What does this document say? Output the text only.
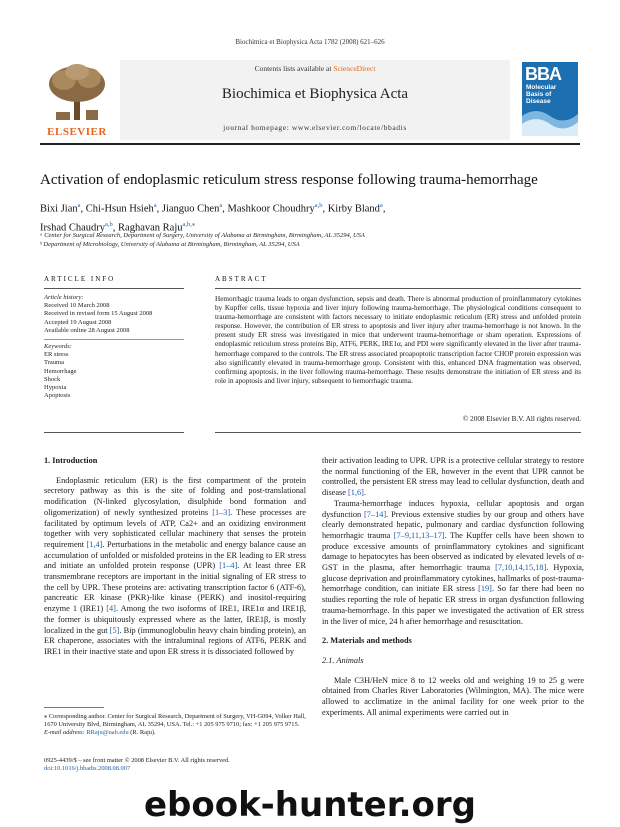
Biochimica et Biophysica Acta 1782 (2008) 621–626
ELSEVIER
Contents lists available at ScienceDirect
Biochimica et Biophysica Acta
journal homepage: www.elsevier.com/locate/bbadis
BBA
Molecular
Basis of
Disease
Activation of endoplasmic reticulum stress response following trauma-hemorrhage
Bixi Jian$^a$, Chi-Hsun Hsieh$^a$, Jianguo Chen$^a$, Mashkoor Choudhry$^{a,b}$, Kirby Bland$^a$,
Irshad Chaudry$^{a,b}$, Raghavan Raju$^{a,b,⁎}$
ᵃ Center for Surgical Research, Department of Surgery, University of Alabama at Birmingham, Birmingham, AL 35294, USA
ᵇ Department of Microbiology, University of Alabama at Birmingham, Birmingham, AL 35294, USA
ARTICLE INFO	ABSTRACT
Article history:
Received 10 March 2008
Received in revised form 15 August 2008
Accepted 19 August 2008
Available online 28 August 2008
Keywords:
ER stress
Trauma
Hemorrhage
Shock
Hypoxia
Apoptosis
Hemorrhagic trauma leads to organ dysfunction, sepsis and death. There is abnormal production of proinflammatory cytokines by Kupffer cells, tissue hypoxia and liver injury following trauma-hemorrhage. The physiological conditions consequent to trauma-hemorrhage are consistent with factors necessary to initiate endoplasmic reticulum (ER) stress and unfolded protein response. However, the contribution of ER stress to apoptosis and liver injury after trauma-hemorrhage is not known. In the present study ER stress was investigated in mice that underwent trauma-hemorrhage or sham operation. Expressions of endoplasmic reticulum stress proteins Bip, ATF6, PERK, IRE1α, and PDI were significantly elevated in the liver after trauma-hemorrhage compared to the controls. The ER stress associated proapoptotic transcription factor CHOP protein expression was also significantly elevated in trauma-hemorrhage group. Consistent with this, enhanced DNA fragmentation was observed, confirming apoptosis, in the liver following trauma-hemorrhage. These results demonstrate the initiation of ER stress and its role in apoptosis and liver injury, subsequent to hemorrhagic trauma.
© 2008 Elsevier B.V. All rights reserved.
1. Introduction

Endoplasmic reticulum (ER) is the first compartment of the protein secretory pathway as this is the site of folding and post-translational modification (N-linked glycosylation, disulphide bond formation and oligomerization) of newly synthesized proteins [1–3]. These processes are facilitated by optimum levels of ATP, Ca2+ and an oxidizing environment together with very sophisticated cellular machinery that senses the protein requirement [1,4]. Perturbations in the metabolic and energy balance cause an accumulation of unfolded or misfolded proteins in the ER leading to ER stress and initiate an unfolded protein response (UPR) [1–4]. At least three ER transmembrane receptors are important in the initial signaling of ER stress to the cell by UPR. These proteins are: activating transcription factor 6 (ATF-6), pancreatic ER kinase (PKR)-like kinase (PERK) and inositol-requiring enzyme 1 (IRE1) [4]. Among the two isoforms of IRE1, IRE1α and IRE1β, the former is ubiquitously expressed where as the latter, IRE1β, is mostly localized in the gut [5]. Bip (immunoglobulin heavy chain binding protein), an ER chaperone, associates with the intraluminal regions of ATF6, PERK and IRE1 in their inactive state and upon ER stress it is dissociated followed by

their activation leading to UPR. UPR is a protective cellular strategy to restore the normal functioning of the ER, however in the event that UPR cannot be controlled, the persistent ER stress may lead to cellular dysfunction, death and disease [1,6].

Trauma-hemorrhage induces hypoxia, cellular apoptosis and organ dysfunction [7–14]. Previous extensive studies by our group and others have clearly demonstrated hepatic, pulmonary and cardiac dysfunction following hemorrhagic trauma [7–9,11,13–17]. The Kupffer cells have been shown to produce excessive amounts of proinflammatory cytokines and significant damage to hepatocytes has been observed as indicated by elevated levels of α-GST in the plasma, after hemorrhagic trauma [7,10,14,15,18]. Hypoxia, glucose deprivation and proinflammatory cytokines, hallmarks of post-trauma-hemorrhage condition, can initiate ER stress [19]. So far there had been no studies reporting the role of hepatic ER stress in organ dysfunction following trauma-hemorrhage. In this paper we investigated the activation of ER stress in the liver of mice, 24 h after hemorrhage and resuscitation.

2. Materials and methods
2.1. Animals

Male C3H/HeN mice 8 to 12 weeks old and weighing 19 to 25 g were obtained from Charles River Laboratories (Wilmington, MA). The mice were allowed to acclimatize in the animal facility for one week prior to the experiments. All animal experiments were carried out in

⁎ Corresponding author. Center for Surgical Research, Department of Surgery, VH-G094, Volker Hall, 1670 University Blvd, Birmingham, AL 35294, USA. Tel.: +1 205 975 9710; fax: +1 205 975 9715.
E-mail address: RRaju@uab.edu (R. Raju).
0925-4439/$ – see front matter © 2008 Elsevier B.V. All rights reserved.
doi:10.1016/j.bbadis.2008.08.007
ebook-hunter.org
